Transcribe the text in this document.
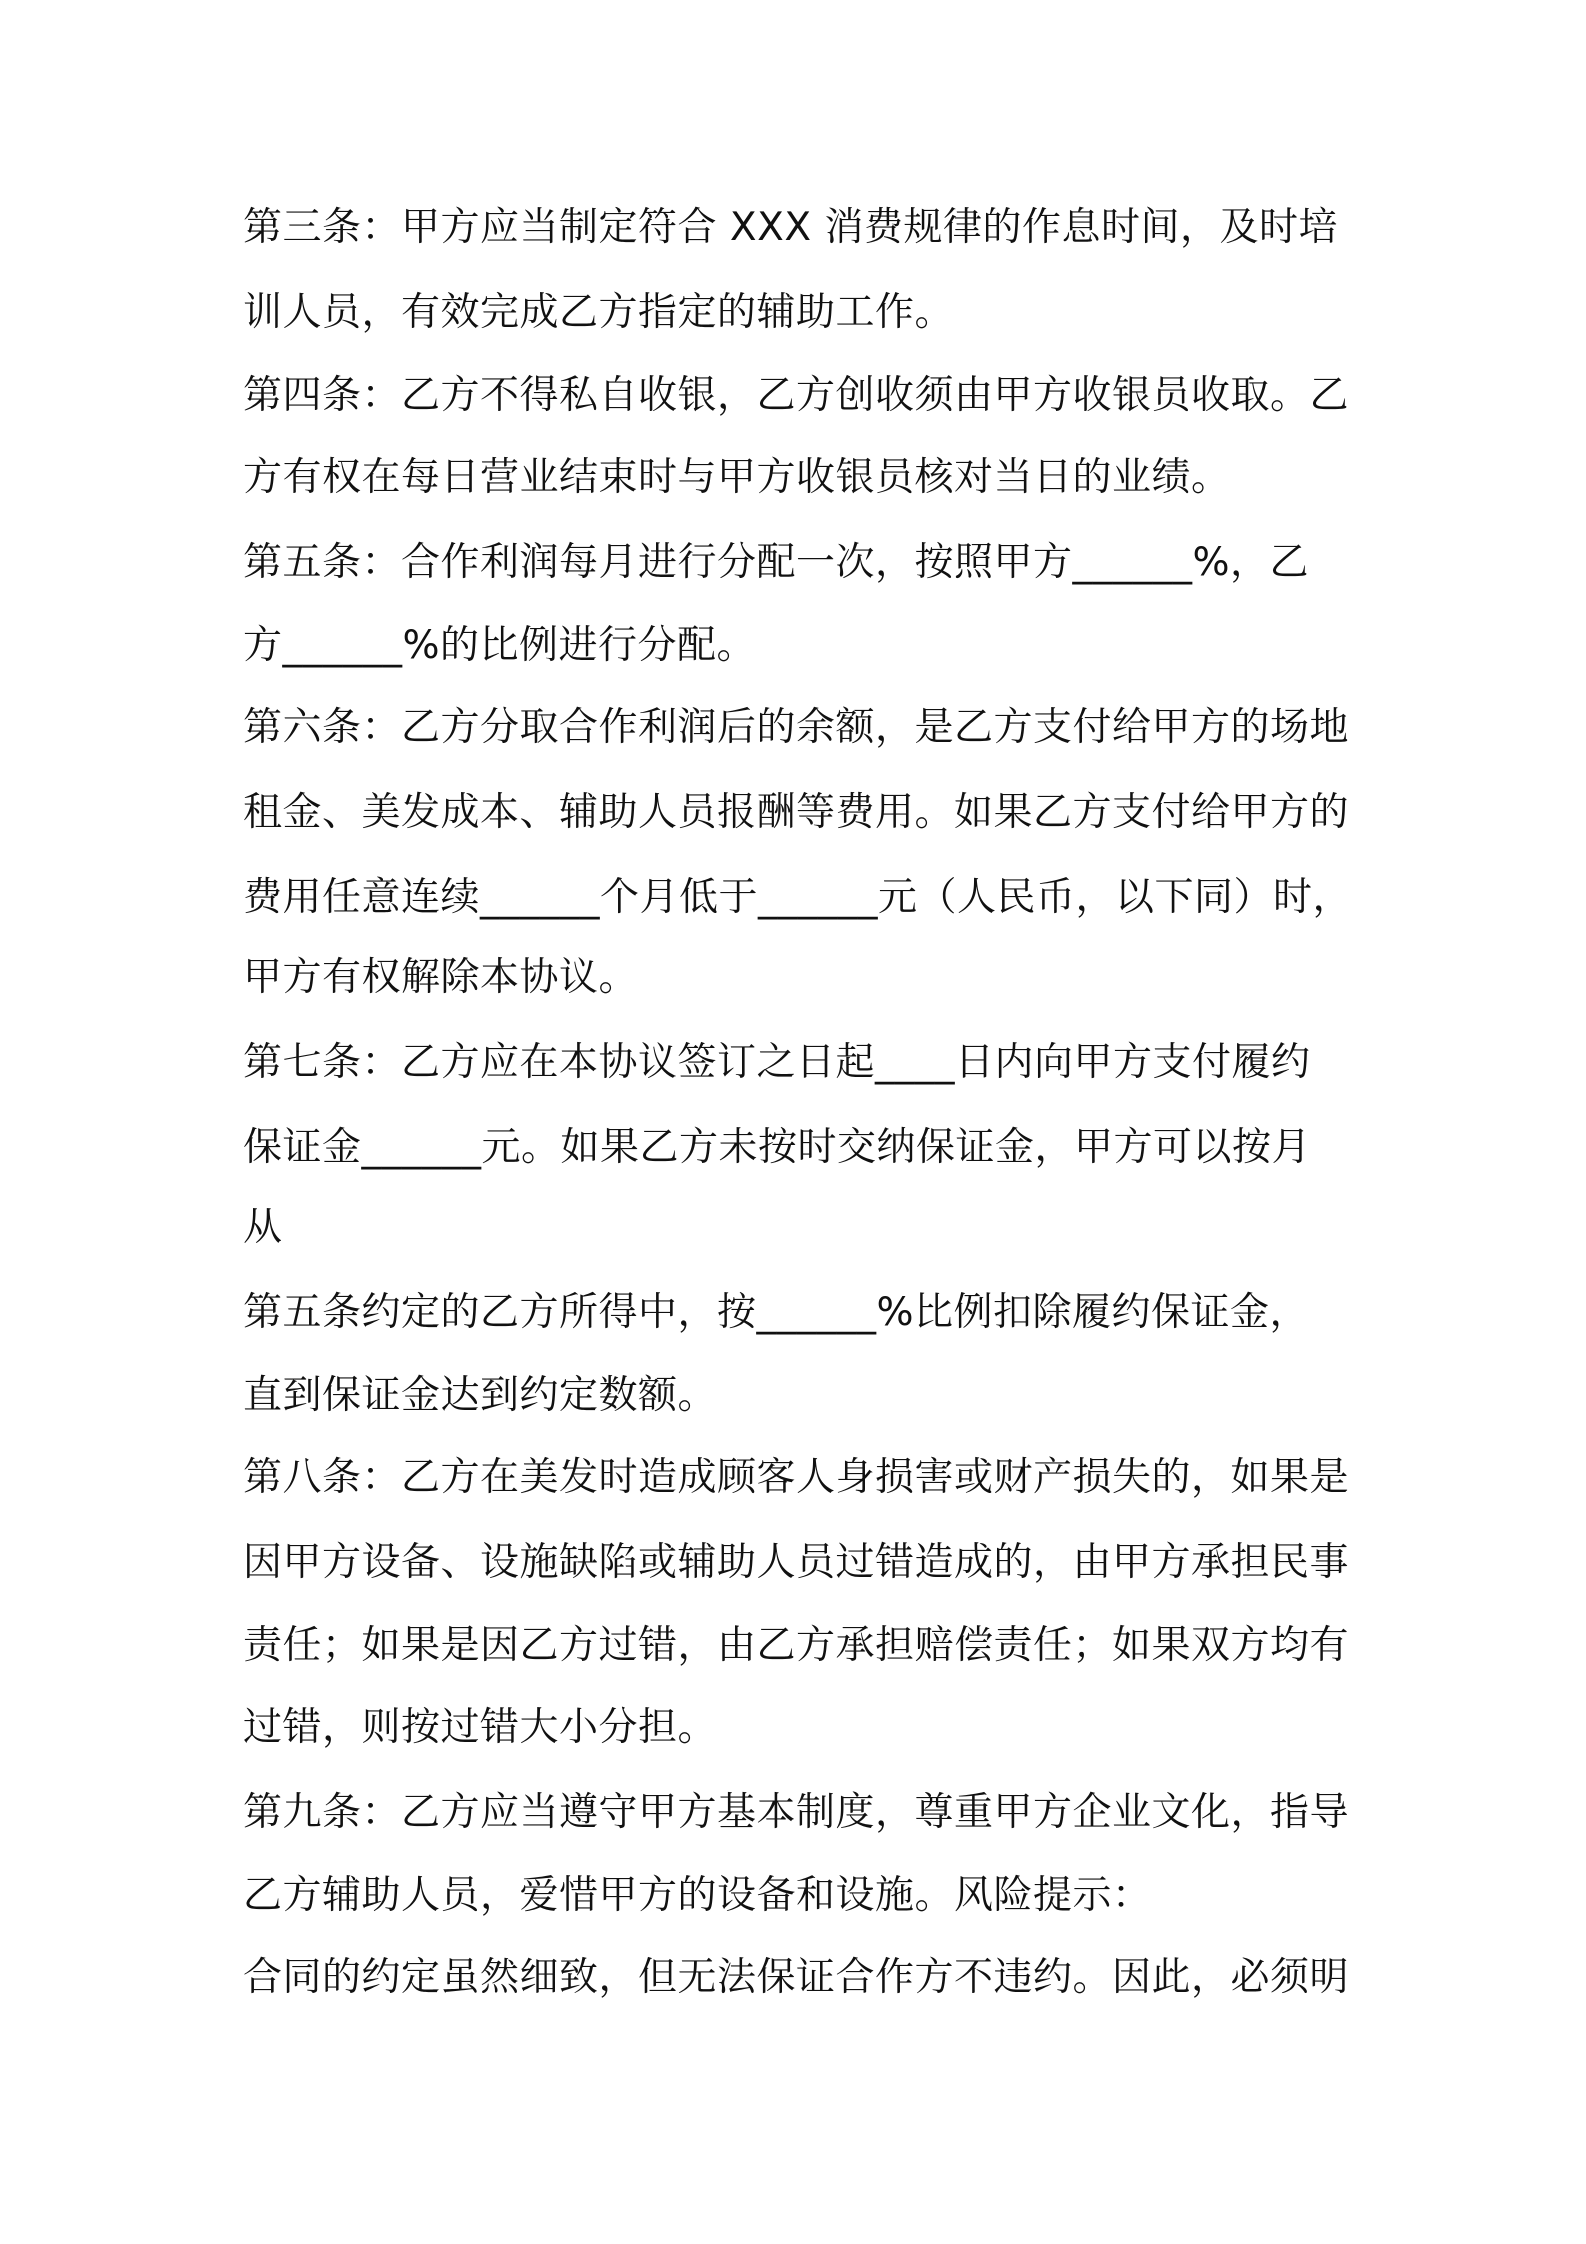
第三条：甲方应当制定符合 XXX 消费规律的作息时间，及时培
训人员，有效完成乙方指定的辅助工作。
第四条：乙方不得私自收银，乙方创收须由甲方收银员收取。乙
方有权在每日营业结束时与甲方收银员核对当日的业绩。
第五条：合作利润每月进行分配一次，按照甲方______%，乙
方______%的比例进行分配。
第六条：乙方分取合作利润后的余额，是乙方支付给甲方的场地
租金、美发成本、辅助人员报酬等费用。如果乙方支付给甲方的
费用任意连续______个月低于______元（人民币，以下同）时，
甲方有权解除本协议。
第七条：乙方应在本协议签订之日起____日内向甲方支付履约
保证金______元。如果乙方未按时交纳保证金，甲方可以按月
从
第五条约定的乙方所得中，按______%比例扣除履约保证金，
直到保证金达到约定数额。
第八条：乙方在美发时造成顾客人身损害或财产损失的，如果是
因甲方设备、设施缺陷或辅助人员过错造成的，由甲方承担民事
责任；如果是因乙方过错，由乙方承担赔偿责任；如果双方均有
过错，则按过错大小分担。
第九条：乙方应当遵守甲方基本制度，尊重甲方企业文化，指导
乙方辅助人员，爱惜甲方的设备和设施。风险提示：
合同的约定虽然细致，但无法保证合作方不违约。因此，必须明
